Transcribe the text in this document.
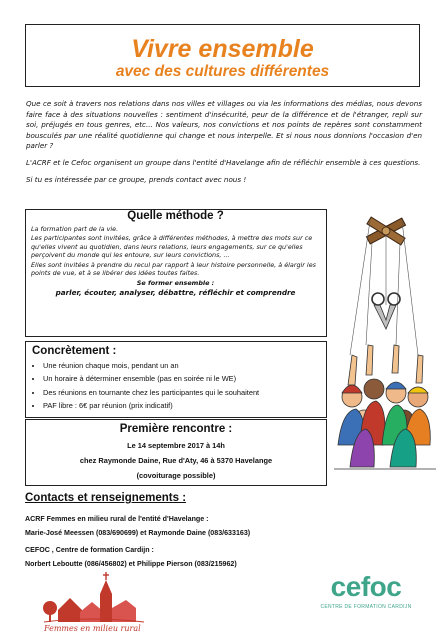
Vivre ensemble
avec des cultures différentes

Que ce soit à travers nos relations dans nos villes et villages ou via les informations des médias, nous devons faire face à des situations nouvelles : sentiment d'insécurité, peur de la différence et de l'étranger, repli sur soi, préjugés en tous genres, etc... Nos valeurs, nos convictions et nos points de repères sont constamment bousculés par une réalité quotidienne qui change et nous interpelle. Et si nous nous donnions l'occasion d'en parler ?

L'ACRF et le Cefoc organisent un groupe dans l'entité d'Havelange afin de réfléchir ensemble à ces questions.

Si tu es intéressée par ce groupe, prends contact avec nous !

Quelle méthode ?

La formation part de la vie.

Les participantes sont invitées, grâce à différentes méthodes, à mettre des mots sur ce qu'elles vivent au quotidien, dans leurs relations, leurs engagements, sur ce qu'elles perçoivent du monde qui les entoure, sur leurs convictions, ...

Elles sont invitées à prendre du recul par rapport à leur histoire personnelle, à élargir les points de vue, et à se libérer des idées toutes faites.

Se former ensemble :

parler, écouter, analyser, débattre, réfléchir et comprendre

Concrètement :
• Une réunion chaque mois, pendant un an
• Un horaire à déterminer ensemble (pas en soirée ni le WE)
• Des réunions en tournante chez les participantes qui le souhaitent
• PAF libre : 6€ par réunion (prix indicatif)
Première rencontre :
Le 14 septembre 2017 à 14h
chez Raymonde Daine, Rue d'Aty, 46 à 5370 Havelange
(covoiturage possible)
Contacts et renseignements :

ACRF Femmes en milieu rural de l'entité d'Havelange :

Marie-José Meessen (083/690699) et Raymonde Daine (083/633163)

CEFOC , Centre de formation Cardijn :

Norbert Leboutte (086/456802) et Philippe Pierson (083/215962)

Femmes en milieu rural
cefoc
CENTRE DE FORMATION CARDIJN
